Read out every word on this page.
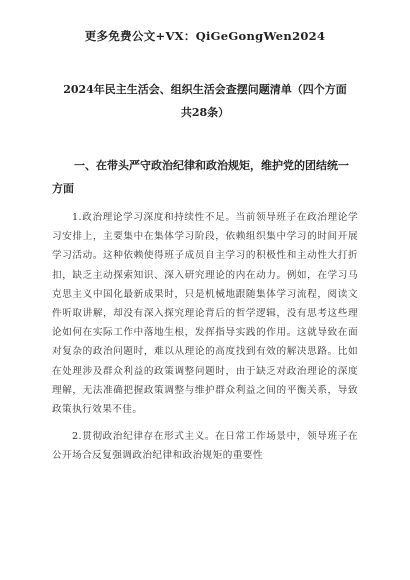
更多免费公文+VX：QiGeGongWen2024
2024年民主生活会、组织生活会查摆问题清单（四个方面
共28条）
一、在带头严守政治纪律和政治规矩，维护党的团结统一方面

1.政治理论学习深度和持续性不足。当前领导班子在政治理论学习安排上，主要集中在集体学习阶段，依赖组织集中学习的时间开展学习活动。这种依赖使得班子成员自主学习的积极性和主动性大打折扣，缺乏主动探索知识、深入研究理论的内在动力。例如，在学习马克思主义中国化最新成果时，只是机械地跟随集体学习流程，阅读文件听取讲解，却没有深入探究理论背后的哲学逻辑，没有思考这些理论如何在实际工作中落地生根，发挥指导实践的作用。这就导致在面对复杂的政治问题时，难以从理论的高度找到有效的解决思路。比如在处理涉及群众利益的政策调整问题时，由于缺乏对政治理论的深度理解，无法准确把握政策调整与维护群众利益之间的平衡关系，导致政策执行效果不佳。

2.贯彻政治纪律存在形式主义。在日常工作场景中，领导班子在公开场合反复强调政治纪律和政治规矩的重要性
